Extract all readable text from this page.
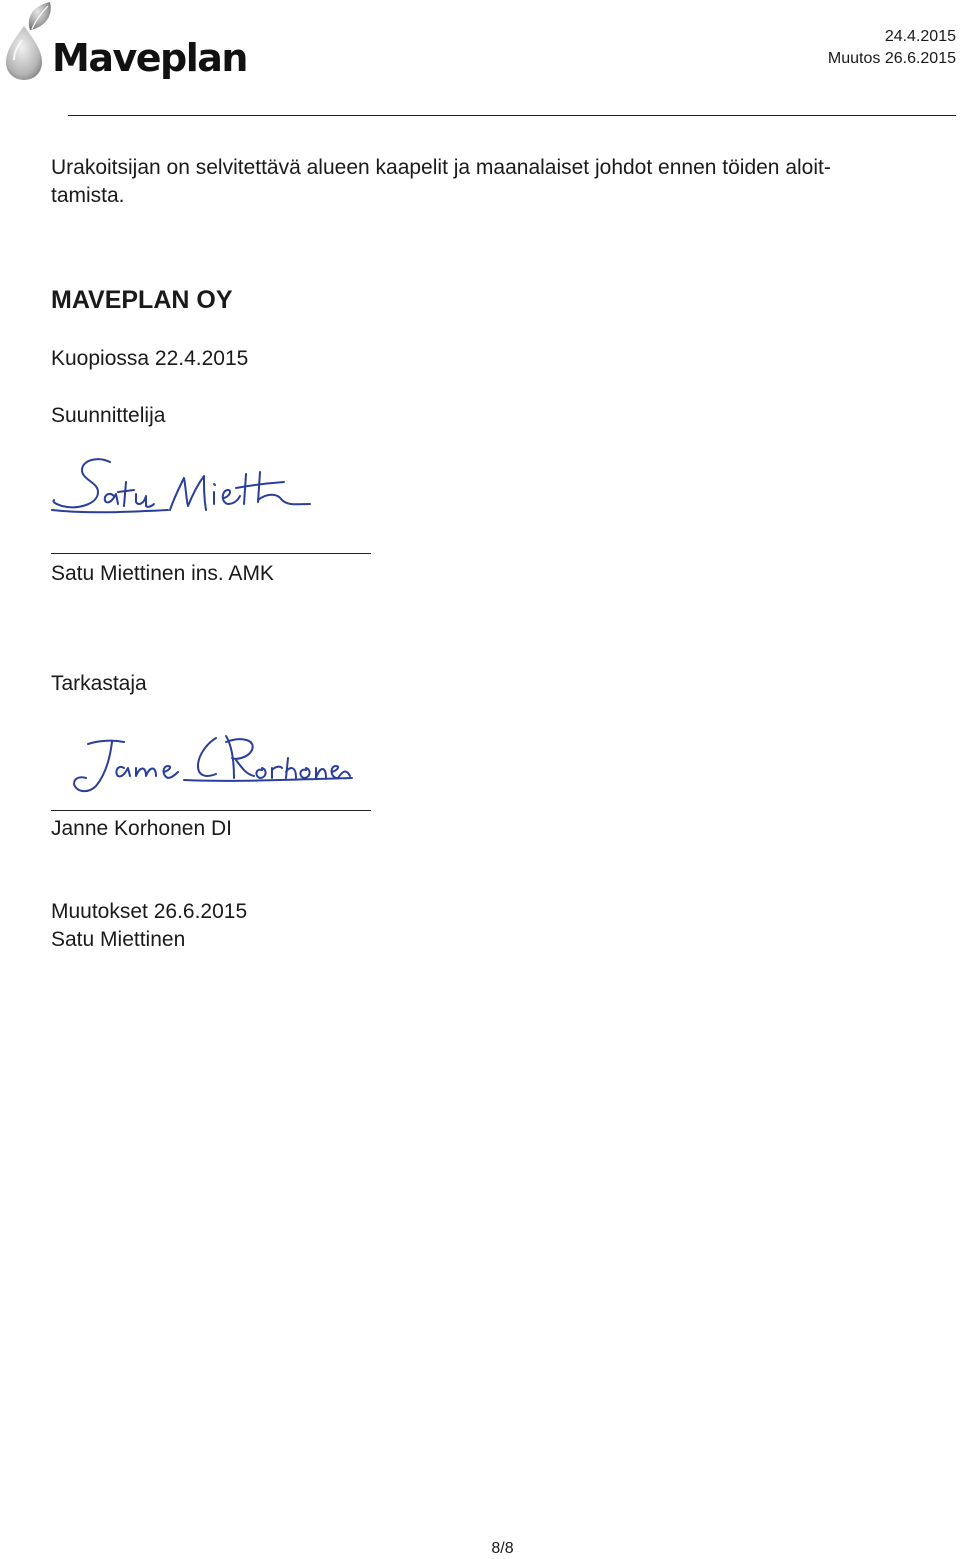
Maveplan	24.4.2015
Muutos 26.6.2015
Urakoitsijan on selvitettävä alueen kaapelit ja maanalaiset johdot ennen töiden aloit-
tamista.
MAVEPLAN OY
Kuopiossa 22.4.2015
Suunnittelija
Satu Miettinen ins. AMK
Tarkastaja
Janne Korhonen DI
Muutokset 26.6.2015
Satu Miettinen
8/8
